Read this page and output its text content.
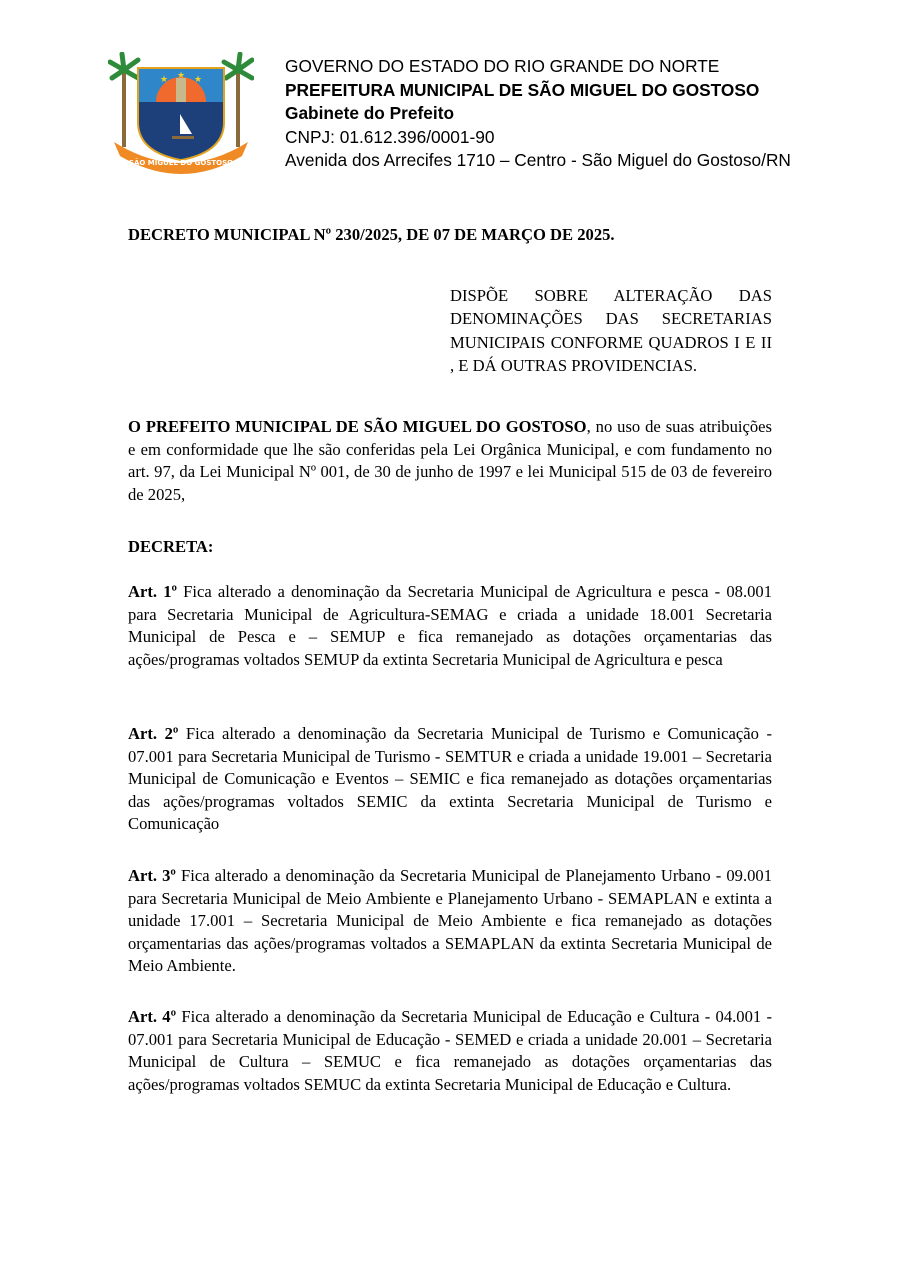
★ ★ ★
SÃO MIGUEL DO GOSTOSO
GOVERNO DO ESTADO DO RIO GRANDE DO NORTE
PREFEITURA MUNICIPAL DE SÃO MIGUEL DO GOSTOSO
Gabinete do Prefeito
CNPJ: 01.612.396/0001-90
Avenida dos Arrecifes 1710 – Centro - São Miguel do Gostoso/RN
DECRETO MUNICIPAL Nº 230/2025, DE 07 DE MARÇO DE 2025.
DISPÕE SOBRE ALTERAÇÃO DAS DENOMINAÇÕES DAS SECRETARIAS MUNICIPAIS CONFORME QUADROS I E II , E DÁ OUTRAS PROVIDENCIAS.
O PREFEITO MUNICIPAL DE SÃO MIGUEL DO GOSTOSO, no uso de suas atribuições e em conformidade que lhe são conferidas pela Lei Orgânica Municipal, e com fundamento no art. 97, da Lei Municipal Nº 001, de 30 de junho de 1997 e lei Municipal 515 de 03 de fevereiro de 2025,
DECRETA:
Art. 1º Fica alterado a denominação da Secretaria Municipal de Agricultura e pesca - 08.001 para Secretaria Municipal de Agricultura-SEMAG e criada a unidade 18.001 Secretaria Municipal de Pesca e – SEMUP e fica remanejado as dotações orçamentarias das ações/programas voltados SEMUP da extinta Secretaria Municipal de Agricultura e pesca
Art. 2º Fica alterado a denominação da Secretaria Municipal de Turismo e Comunicação - 07.001 para Secretaria Municipal de Turismo - SEMTUR e criada a unidade 19.001 – Secretaria Municipal de Comunicação e Eventos – SEMIC e fica remanejado as dotações orçamentarias das ações/programas voltados SEMIC da extinta Secretaria Municipal de Turismo e Comunicação
Art. 3º Fica alterado a denominação da Secretaria Municipal de Planejamento Urbano - 09.001 para Secretaria Municipal de Meio Ambiente e Planejamento Urbano - SEMAPLAN e extinta a unidade 17.001 – Secretaria Municipal de Meio Ambiente e fica remanejado as dotações orçamentarias das ações/programas voltados a SEMAPLAN da extinta Secretaria Municipal de Meio Ambiente.
Art. 4º Fica alterado a denominação da Secretaria Municipal de Educação e Cultura - 04.001 - 07.001 para Secretaria Municipal de Educação - SEMED e criada a unidade 20.001 – Secretaria Municipal de Cultura – SEMUC e fica remanejado as dotações orçamentarias das ações/programas voltados SEMUC da extinta Secretaria Municipal de Educação e Cultura.
